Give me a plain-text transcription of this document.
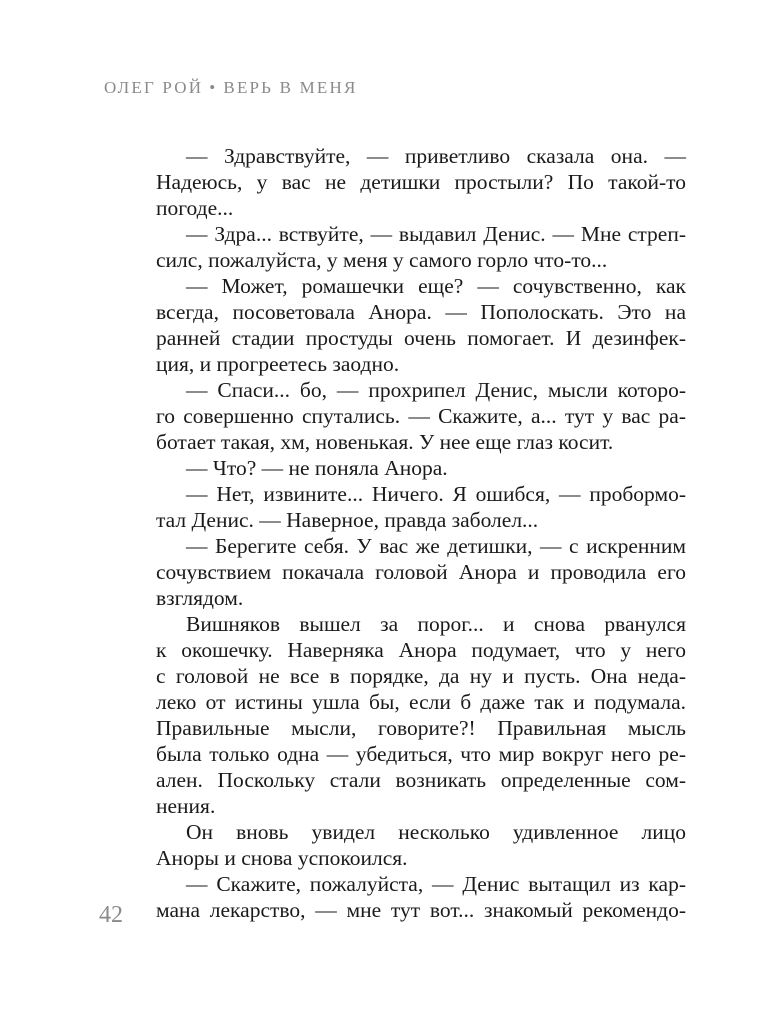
ОЛЕГ РОЙ • ВЕРЬ В МЕНЯ
— Здравствуйте, — приветливо сказала она. —
Надеюсь, у вас не детишки простыли? По такой-то
погоде...
— Здра... вствуйте, — выдавил Денис. — Мне стреп-
силс, пожалуйста, у меня у самого горло что-то...
— Может, ромашечки еще? — сочувственно, как
всегда, посоветовала Анора. — Пополоскать. Это на
ранней стадии простуды очень помогает. И дезинфек-
ция, и прогреетесь заодно.
— Спаси... бо, — прохрипел Денис, мысли которо-
го совершенно спутались. — Скажите, а... тут у вас ра-
ботает такая, хм, новенькая. У нее еще глаз косит.
— Что? — не поняла Анора.
— Нет, извините... Ничего. Я ошибся, — пробормо-
тал Денис. — Наверное, правда заболел...
— Берегите себя. У вас же детишки, — с искренним
сочувствием покачала головой Анора и проводила его
взглядом.
Вишняков вышел за порог... и снова рванулся
к окошечку. Наверняка Анора подумает, что у него
с головой не все в порядке, да ну и пусть. Она неда-
леко от истины ушла бы, если б даже так и подумала.
Правильные мысли, говорите?! Правильная мысль
была только одна — убедиться, что мир вокруг него ре-
ален. Поскольку стали возникать определенные сом-
нения.
Он вновь увидел несколько удивленное лицо
Аноры и снова успокоился.
— Скажите, пожалуйста, — Денис вытащил из кар-
мана лекарство, — мне тут вот... знакомый рекомендо-
42
